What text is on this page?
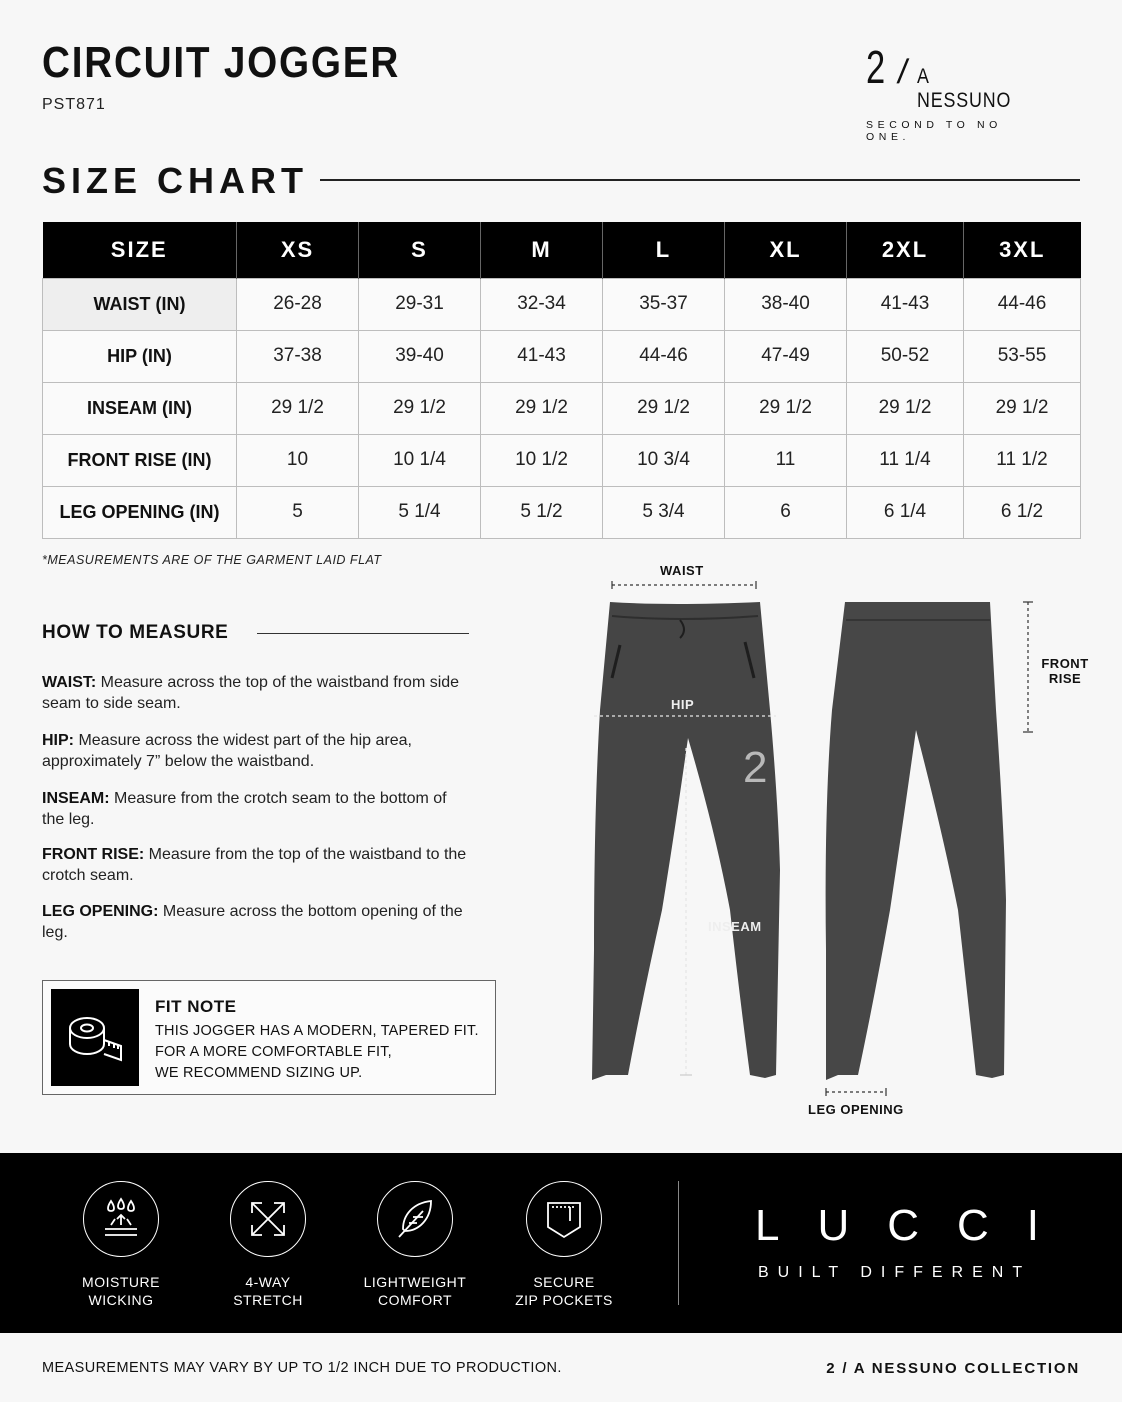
CIRCUIT JOGGER
PST871
2 / A NESSUNO
SECOND TO NO ONE.
SIZE CHART
SIZE	XS	S	M	L	XL	2XL	3XL
WAIST (IN)	26-28	29-31	32-34	35-37	38-40	41-43	44-46
HIP (IN)	37-38	39-40	41-43	44-46	47-49	50-52	53-55
INSEAM (IN)	29 1/2	29 1/2	29 1/2	29 1/2	29 1/2	29 1/2	29 1/2
FRONT RISE (IN)	10	10 1/4	10 1/2	10 3/4	11	11 1/4	11 1/2
LEG OPENING (IN)	5	5 1/4	5 1/2	5 3/4	6	6 1/4	6 1/2
*MEASUREMENTS ARE OF THE GARMENT LAID FLAT
HOW TO MEASURE
WAIST: Measure across the top of the waistband from side seam to side seam.
HIP: Measure across the widest part of the hip area, approximately 7” below the waistband.
INSEAM: Measure from the crotch seam to the bottom of the leg.
FRONT RISE: Measure from the top of the waistband to the crotch seam.
LEG OPENING: Measure across the bottom opening of the leg.
FIT NOTE
THIS JOGGER HAS A MODERN, TAPERED FIT.
FOR A MORE COMFORTABLE FIT,
WE RECOMMEND SIZING UP.
2
WAIST
HIP
INSEAM
FRONT
RISE
LEG OPENING
MOISTURE
WICKING
4-WAY
STRETCH
LIGHTWEIGHT
COMFORT
SECURE
ZIP POCKETS
LUCCI
BUILT DIFFERENT
MEASUREMENTS MAY VARY BY UP TO 1/2 INCH DUE TO PRODUCTION.	2 / A NESSUNO COLLECTION
